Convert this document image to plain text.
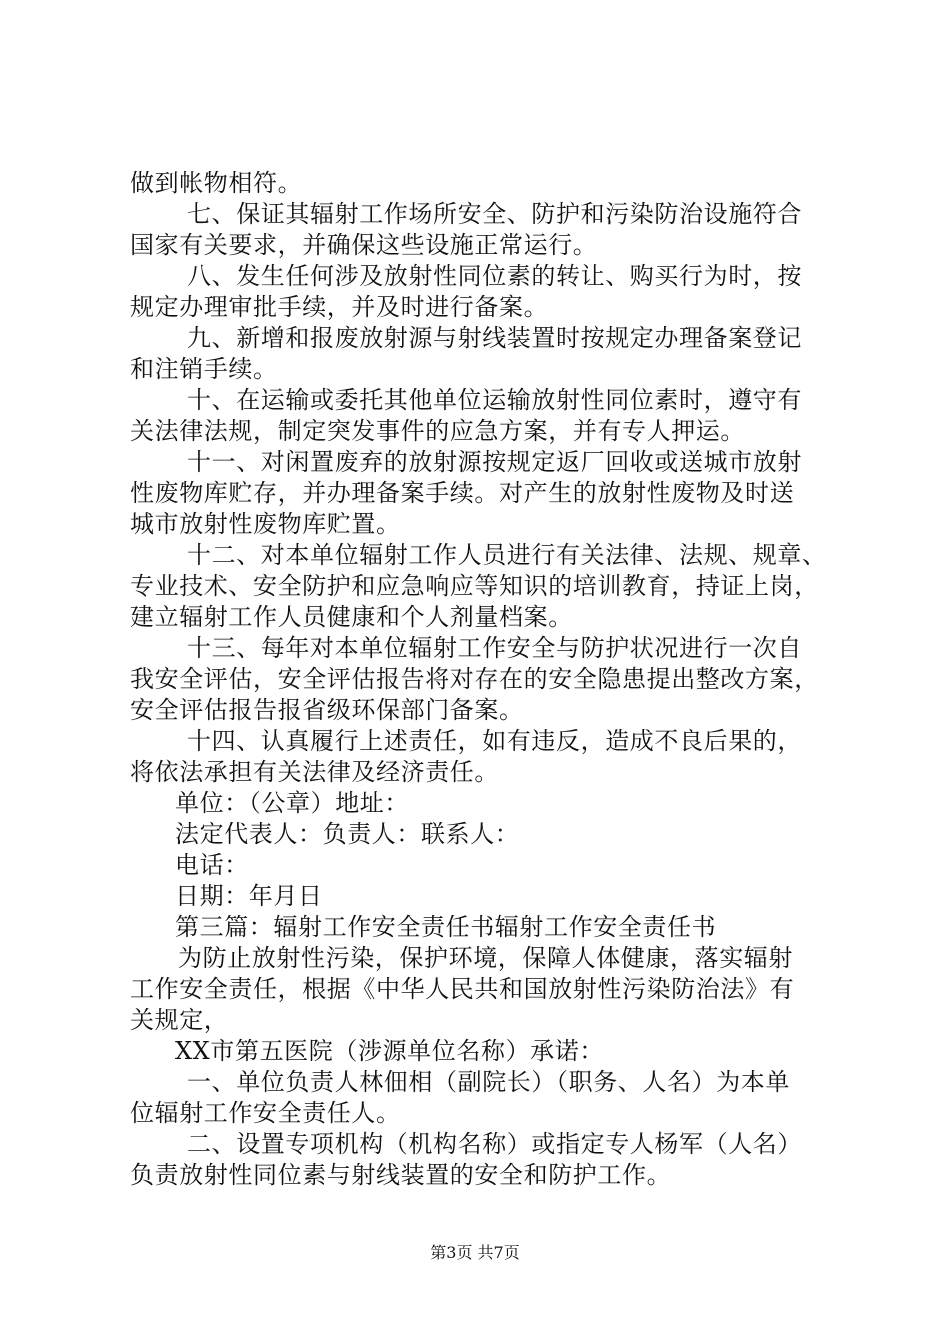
做到帐物相符。
七、保证其辐射工作场所安全、防护和污染防治设施符合
国家有关要求，并确保这些设施正常运行。
八、发生任何涉及放射性同位素的转让、购买行为时，按
规定办理审批手续，并及时进行备案。
九、新增和报废放射源与射线装置时按规定办理备案登记
和注销手续。
十、在运输或委托其他单位运输放射性同位素时，遵守有
关法律法规，制定突发事件的应急方案，并有专人押运。
十一、对闲置废弃的放射源按规定返厂回收或送城市放射
性废物库贮存，并办理备案手续。对产生的放射性废物及时送
城市放射性废物库贮置。
十二、对本单位辐射工作人员进行有关法律、法规、规章、
专业技术、安全防护和应急响应等知识的培训教育，持证上岗，
建立辐射工作人员健康和个人剂量档案。
十三、每年对本单位辐射工作安全与防护状况进行一次自
我安全评估，安全评估报告将对存在的安全隐患提出整改方案，
安全评估报告报省级环保部门备案。
十四、认真履行上述责任，如有违反，造成不良后果的，
将依法承担有关法律及经济责任。
单位：（公章）地址：
法定代表人：负责人：联系人：
电话：
日期：年月日
第三篇：辐射工作安全责任书辐射工作安全责任书
为防止放射性污染，保护环境，保障人体健康，落实辐射
工作安全责任，根据《中华人民共和国放射性污染防治法》有
关规定，
XX市第五医院（涉源单位名称）承诺：
一、单位负责人林佃相（副院长）（职务、人名）为本单
位辐射工作安全责任人。
二、设置专项机构（机构名称）或指定专人杨军（人名）
负责放射性同位素与射线装置的安全和防护工作。
第3页 共7页
